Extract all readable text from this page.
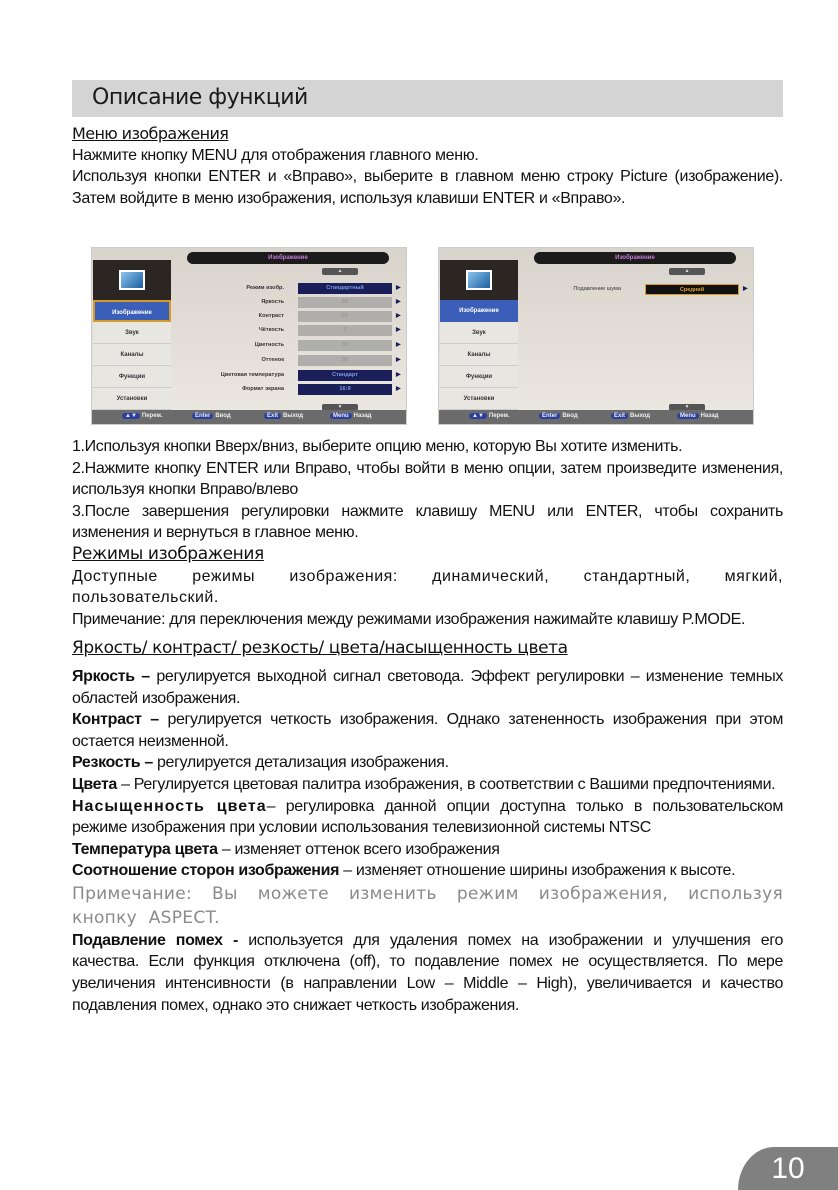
Описание функций

Меню изображения

Нажмите кнопку MENU для отображения главного меню.

Используя кнопки ENTER и «Вправо», выберите в главном меню строку Picture (изображение). Затем войдите в меню изображения, используя клавиши ENTER и «Вправо».

Изображение
▲
Изображение
Звук
Каналы
Функции
Установки
Режим изобр.	Стандартный	▶
Яркость	50	▶
Контраст	50	▶
Чёткость	5	▶
Цветность	50	▶
Оттенок	50	▶
Цветовая температура	Стандарт	▶
Формат экрана	16:9	▶
▼
▲▼ Перем.	Enter Ввод	Exit Выход	Menu Назад
Изображение
▲
Изображение
Звук
Каналы
Функции
Установки
Подавление шума	Средний	▶
▼
▲▼ Перем.	Enter Ввод	Exit Выход	Menu Назад

1.Используя кнопки Вверх/вниз, выберите опцию меню, которую Вы хотите изменить.

2.Нажмите кнопку ENTER или Вправо, чтобы войти в меню опции, затем произведите изменения, используя кнопки Вправо/влево

3.После завершения регулировки нажмите клавишу MENU или ENTER, чтобы сохранить изменения и вернуться в главное меню.

Режимы изображения

Доступные режимы изображения: динамический, стандартный, мягкий, пользовательский.

Примечание: для переключения между режимами изображения нажимайте клавишу P.MODE.

Яркость/ контраст/ резкость/ цвета/насыщенность цвета

Яркость – регулируется выходной сигнал световода. Эффект регулировки – изменение темных областей изображения.

Контраст – регулируется четкость изображения. Однако затененность изображения при этом остается неизменной.

Резкость – регулируется детализация изображения.

Цвета – Регулируется цветовая палитра изображения, в соответствии с Вашими предпочтениями.

Насыщенность цвета– регулировка данной опции доступна только в пользовательском режиме изображения при условии использования телевизионной системы NTSC

Температура цвета – изменяет оттенок всего изображения

Соотношение сторон изображения – изменяет отношение ширины изображения к высоте.

Примечание: Вы можете изменить режим изображения, используя кнопку ASPECT.

Подавление помех - используется для удаления помех на изображении и улучшения его качества. Если функция отключена (off), то подавление помех не осуществляется. По мере увеличения интенсивности (в направлении Low – Middle – High), увеличивается и качество подавления помех, однако это снижает четкость изображения.

10
